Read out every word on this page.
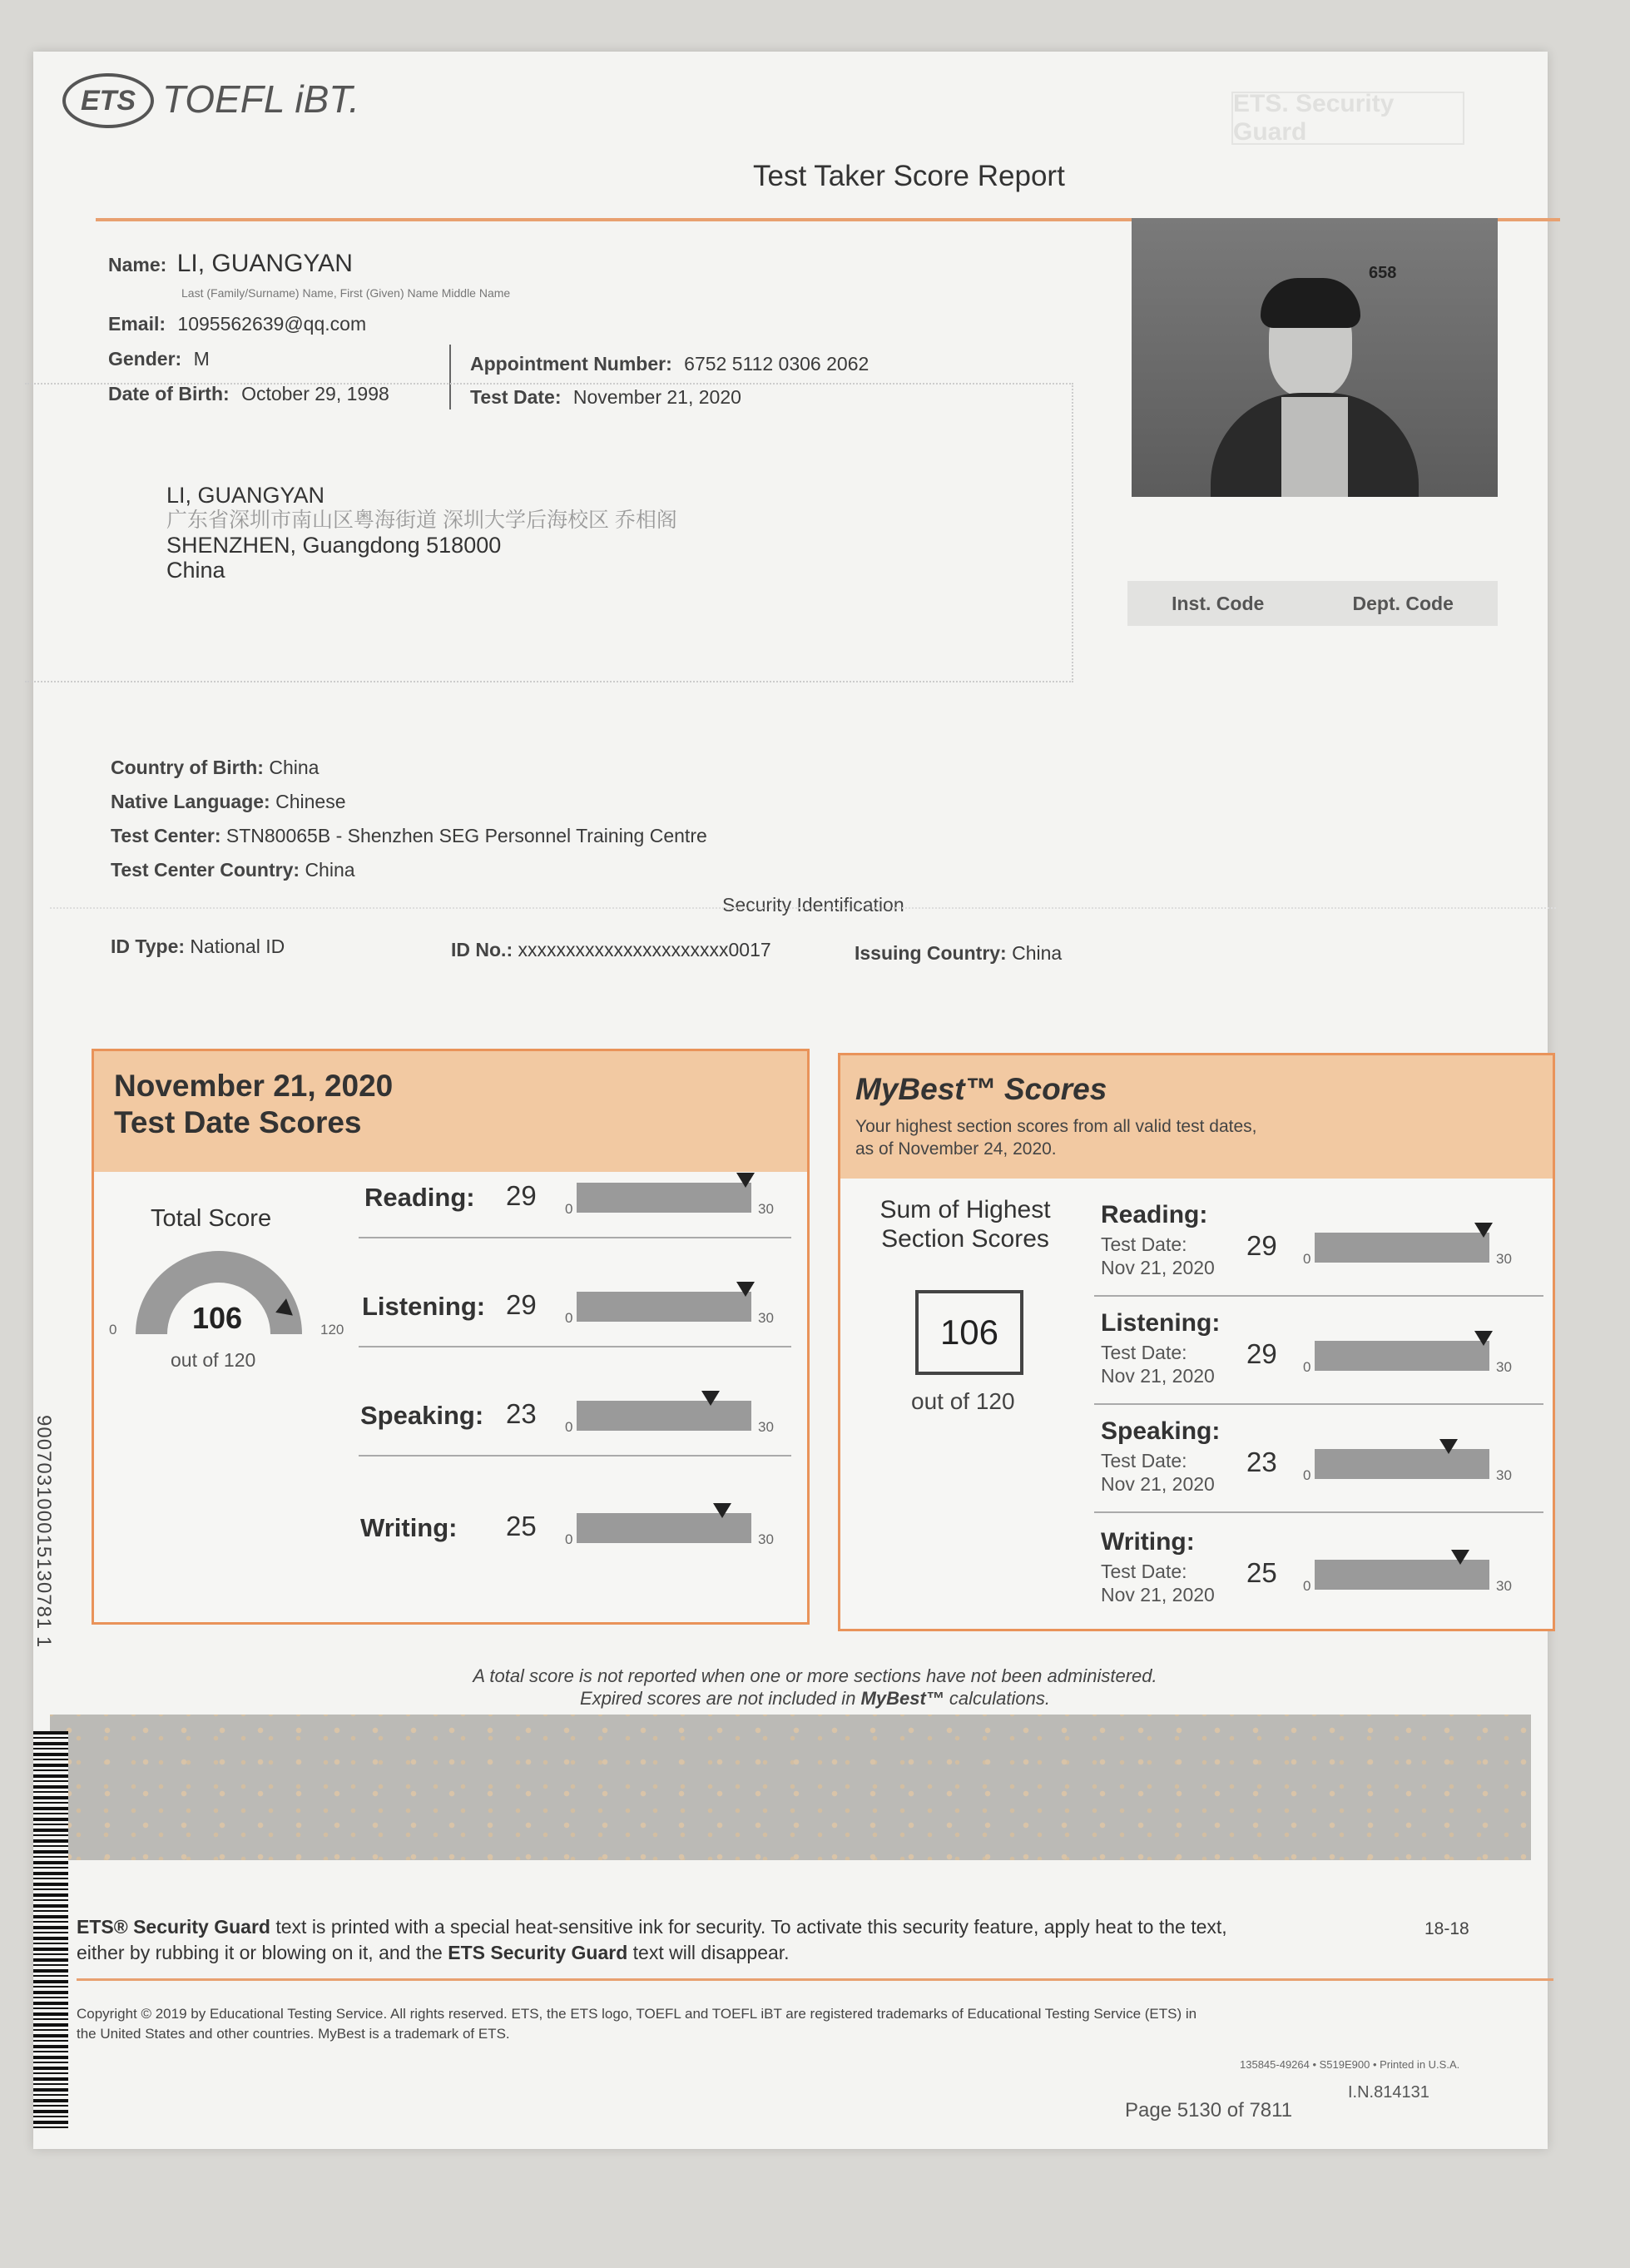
ETS TOEFL iBT.
Test Taker Score Report
ETS. Security Guard
Name: LI, GUANGYAN
Last (Family/Surname) Name, First (Given) Name Middle Name
Email: 1095562639@qq.com
Gender: M
Date of Birth: October 29, 1998
Appointment Number: 6752 5112 0306 2062
Test Date: November 21, 2020
658
LI, GUANGYAN
广东省深圳市南山区粤海街道 深圳大学后海校区 乔相阁
SHENZHEN, Guangdong 518000
China
Inst. Code	Dept. Code
Country of Birth: China
Native Language: Chinese
Test Center: STN80065B - Shenzhen SEG Personnel Training Centre
Test Center Country: China
Security Identification
ID Type: National ID	ID No.: xxxxxxxxxxxxxxxxxxxxxx0017	Issuing Country: China
November 21, 2020
Test Date Scores
Total Score
106
0	120
out of 120
Reading: 29 0	30
Listening: 29 0	30
Speaking: 23 0	30
Writing: 25 0	30
MyBest™ Scores
Your highest section scores from all valid test dates,
as of November 24, 2020.
Sum of Highest
Section Scores
106
out of 120
Reading:
Test Date:
Nov 21, 2020
29 0	30
Listening:
Test Date:
Nov 21, 2020
29 0	30
Speaking:
Test Date:
Nov 21, 2020
23 0	30
Writing:
Test Date:
Nov 21, 2020
25 0	30
A total score is not reported when one or more sections have not been administered.
Expired scores are not included in MyBest™ calculations.
900703100015130781 1
ETS® Security Guard text is printed with a special heat-sensitive ink for security. To activate this security feature, apply heat to the text,
either by rubbing it or blowing on it, and the ETS Security Guard text will disappear.
18-18
Copyright © 2019 by Educational Testing Service. All rights reserved. ETS, the ETS logo, TOEFL and TOEFL iBT are registered trademarks of Educational Testing Service (ETS) in
the United States and other countries. MyBest is a trademark of ETS.
135845-49264 • S519E900 • Printed in U.S.A.
I.N.814131
Page 5130 of 7811
